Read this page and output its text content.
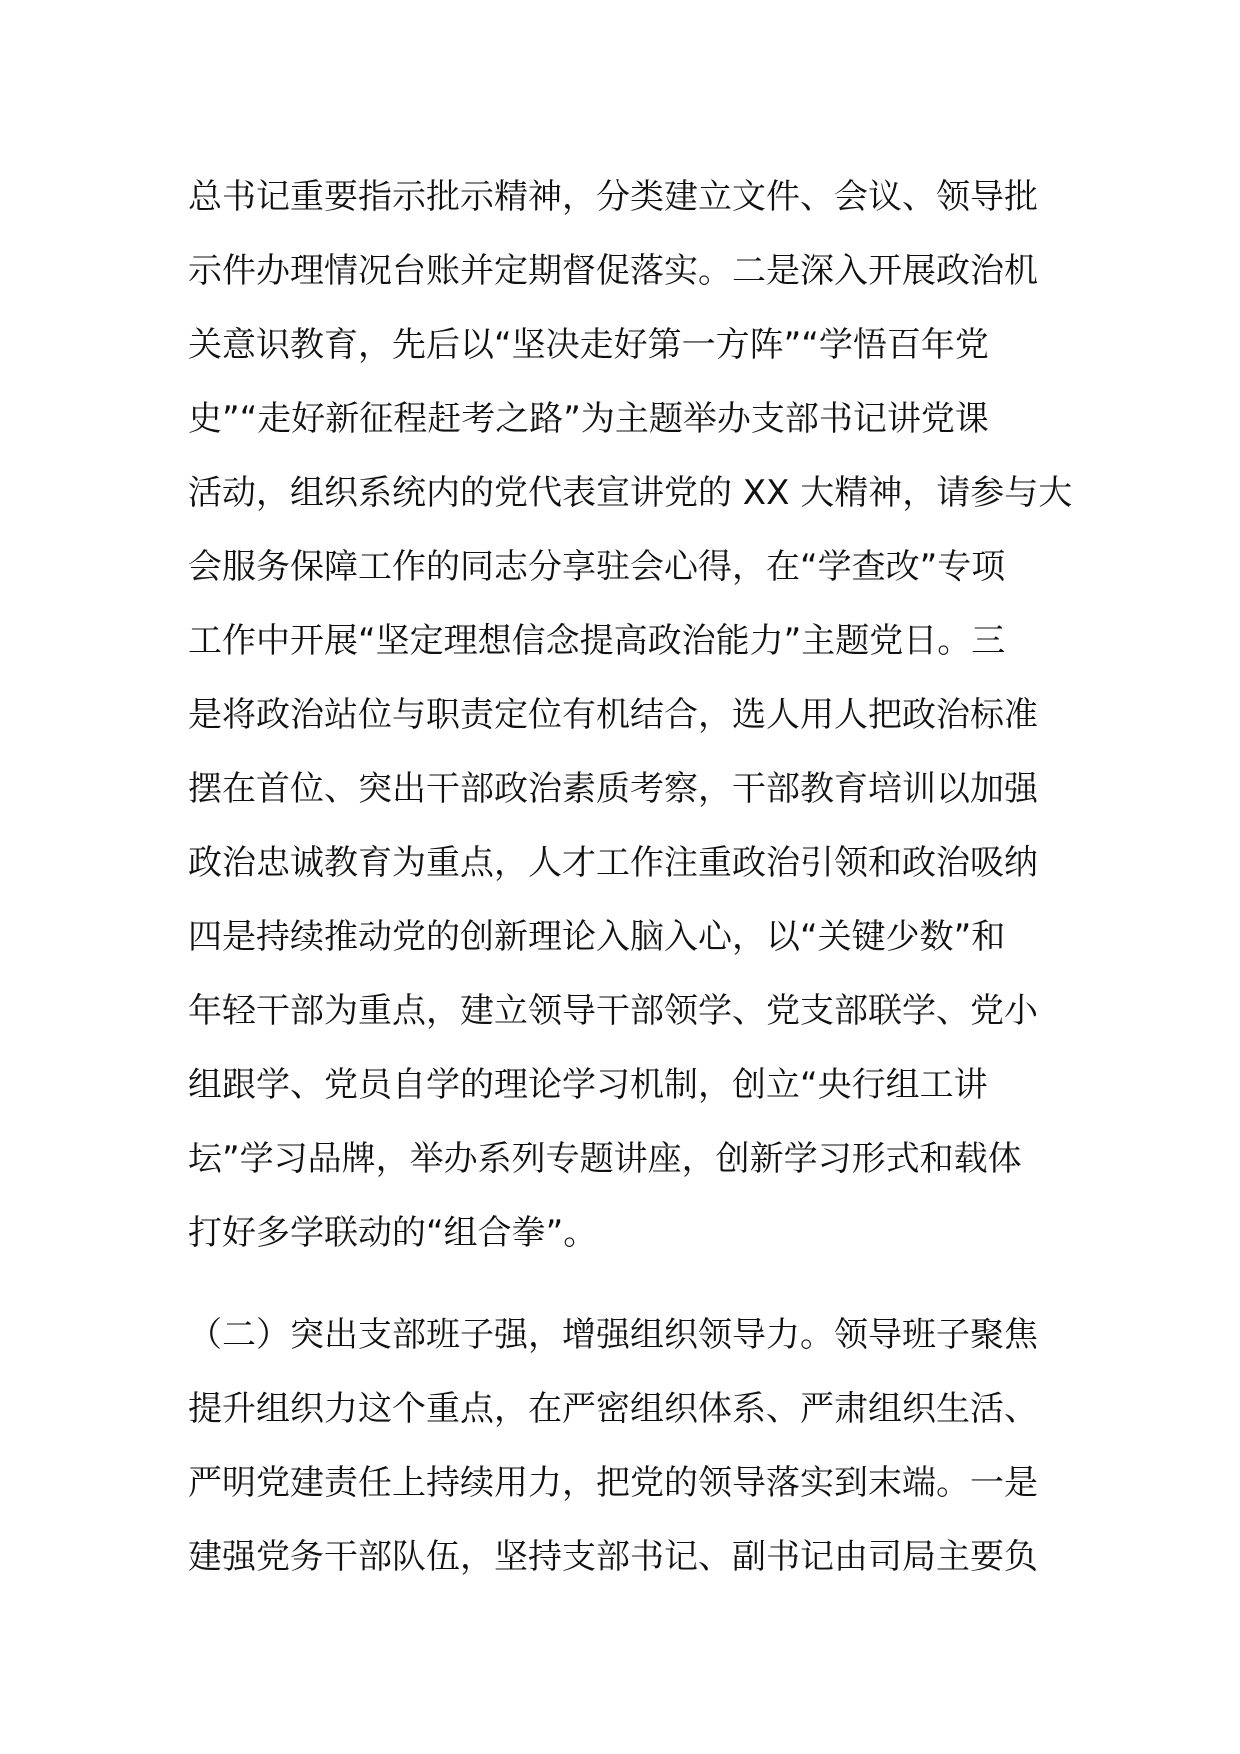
总书记重要指示批示精神，分类建立文件、会议、领导批
示件办理情况台账并定期督促落实。二是深入开展政治机
关意识教育，先后以“坚决走好第一方阵”“学悟百年党
史”“走好新征程赶考之路”为主题举办支部书记讲党课
活动，组织系统内的党代表宣讲党的 XX 大精神，请参与大
会服务保障工作的同志分享驻会心得，在“学查改”专项
工作中开展“坚定理想信念提高政治能力”主题党日。三
是将政治站位与职责定位有机结合，选人用人把政治标准
摆在首位、突出干部政治素质考察，干部教育培训以加强
政治忠诚教育为重点，人才工作注重政治引领和政治吸纳
四是持续推动党的创新理论入脑入心，以“关键少数”和
年轻干部为重点，建立领导干部领学、党支部联学、党小
组跟学、党员自学的理论学习机制，创立“央行组工讲
坛”学习品牌，举办系列专题讲座，创新学习形式和载体
打好多学联动的“组合拳”。
（二）突出支部班子强，增强组织领导力。领导班子聚焦
提升组织力这个重点，在严密组织体系、严肃组织生活、
严明党建责任上持续用力，把党的领导落实到末端。一是
建强党务干部队伍，坚持支部书记、副书记由司局主要负
